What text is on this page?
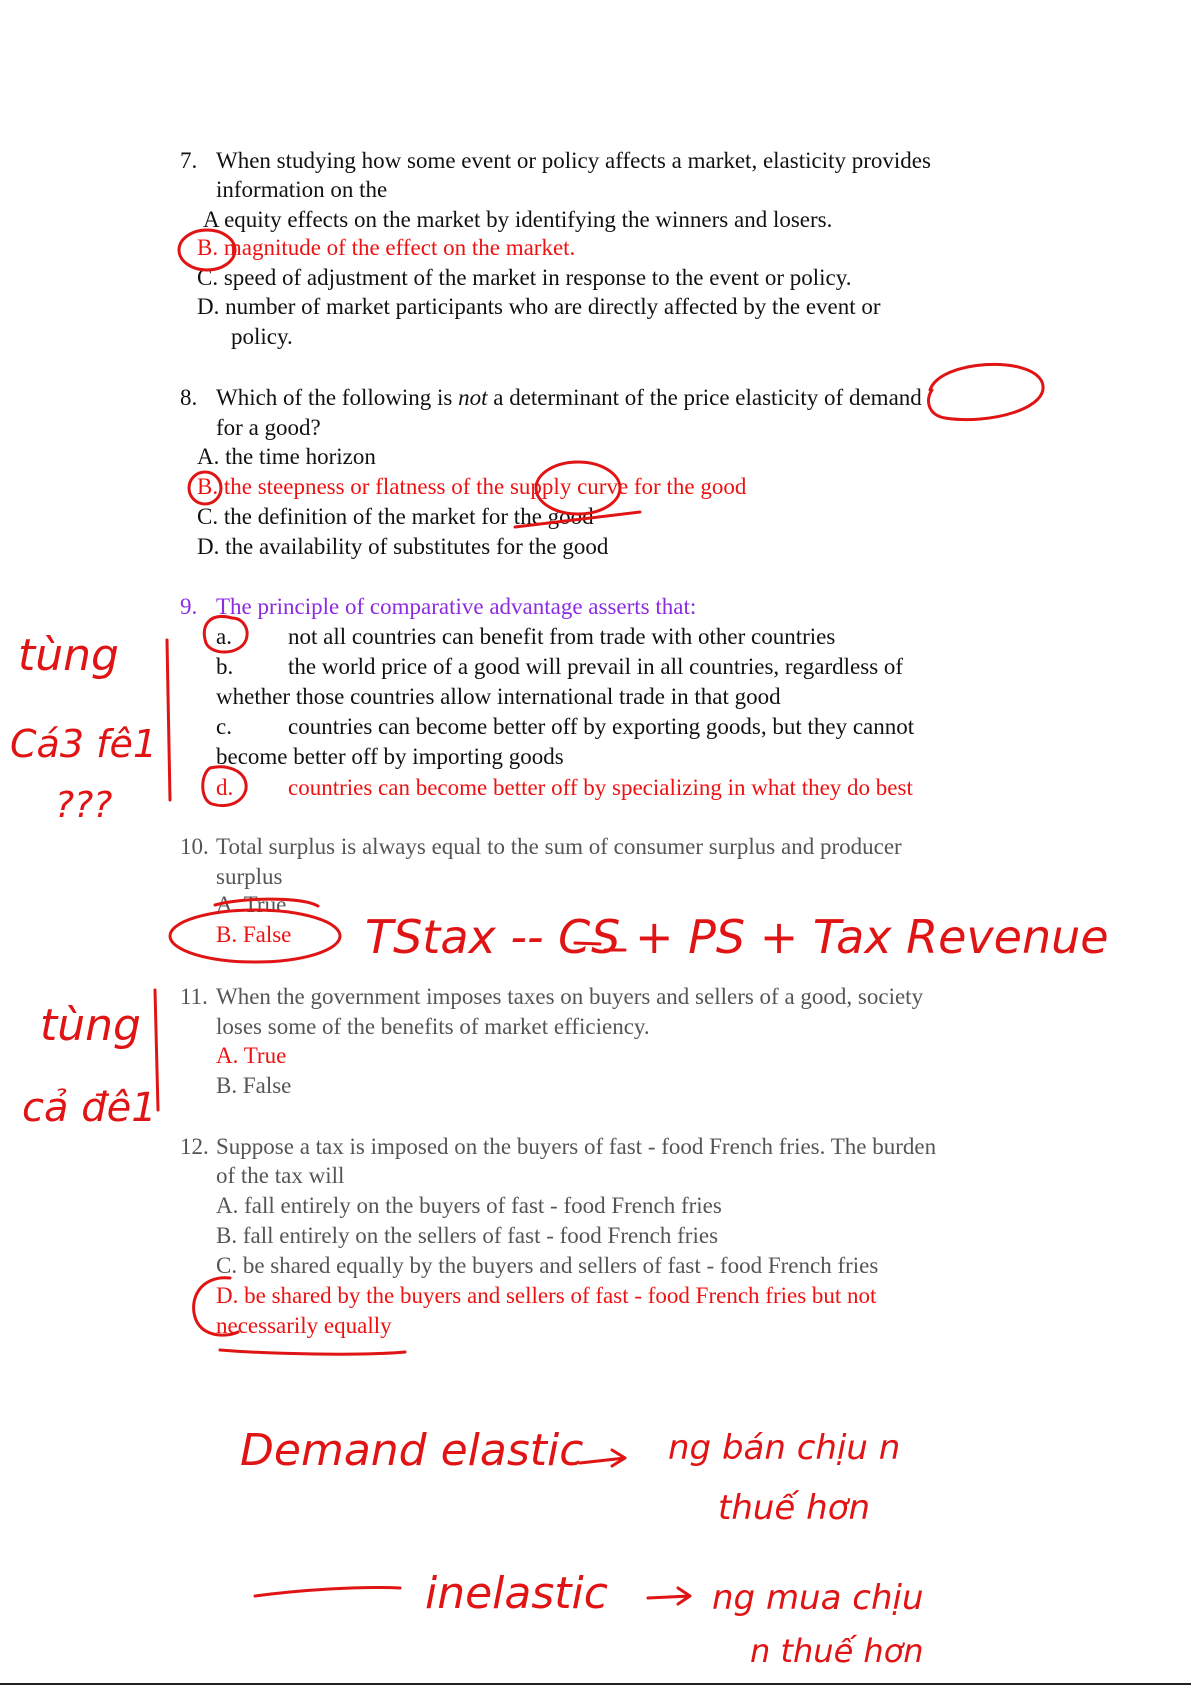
7. When studying how some event or policy affects a market, elasticity provides
information on the
A equity effects on the market by identifying the winners and losers.
B. magnitude of the effect on the market.
C. speed of adjustment of the market in response to the event or policy.
D. number of market participants who are directly affected by the event or
policy.
8. Which of the following is not a determinant of the price elasticity of demand
for a good?
A. the time horizon
B. the steepness or flatness of the supply curve for the good
C. the definition of the market for the good
D. the availability of substitutes for the good
9. The principle of comparative advantage asserts that:
a. not all countries can benefit from trade with other countries
b. the world price of a good will prevail in all countries, regardless of
whether those countries allow international trade in that good
c. countries can become better off by exporting goods, but they cannot
become better off by importing goods
d. countries can become better off by specializing in what they do best
10. Total surplus is always equal to the sum of consumer surplus and producer
surplus
A. True
B. False
11. When the government imposes taxes on buyers and sellers of a good, society
loses some of the benefits of market efficiency.
A. True
B. False
12. Suppose a tax is imposed on the buyers of fast - food French fries. The burden
of the tax will
A. fall entirely on the buyers of fast - food French fries
B. fall entirely on the sellers of fast - food French fries
C. be shared equally by the buyers and sellers of fast - food French fries
D. be shared by the buyers and sellers of fast - food French fries but not
necessarily equally
tùng
Cá3 fê1
???
tùng
cả đê1
TStax -- CS + PS + Tax Revenue
Demand elastic ng bán chịu n
thuế hơn
inelastic	ng mua chịu
n thuế hơn
